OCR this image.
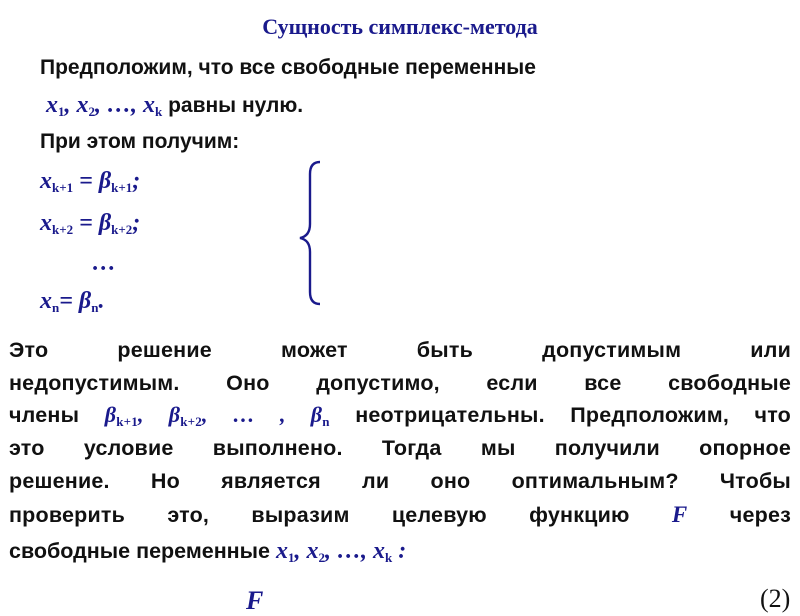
Сущность симплекс-метода
Предположим, что все свободные переменные
$x_1$, $x_2$, …, $x_k$ равны нулю.
При этом получим:
$x_{k+1} = \beta_{k+1}$;
$x_{k+2} = \beta_{k+2}$;
…
$x_n= \beta_n$.
Это решение может быть допустимым или
недопустимым. Оно допустимо, если все свободные
члены $\beta_{k+1}$, $\beta_{k+2}$, … , $\beta_n$ неотрицательны. Предположим, что
это условие выполнено. Тогда мы получили опорное
решение. Но является ли оно оптимальным? Чтобы
проверить это, выразим целевую функцию F через
свободные переменные $x_1$, $x_2$, …, $x_k$ :
F	(2)
